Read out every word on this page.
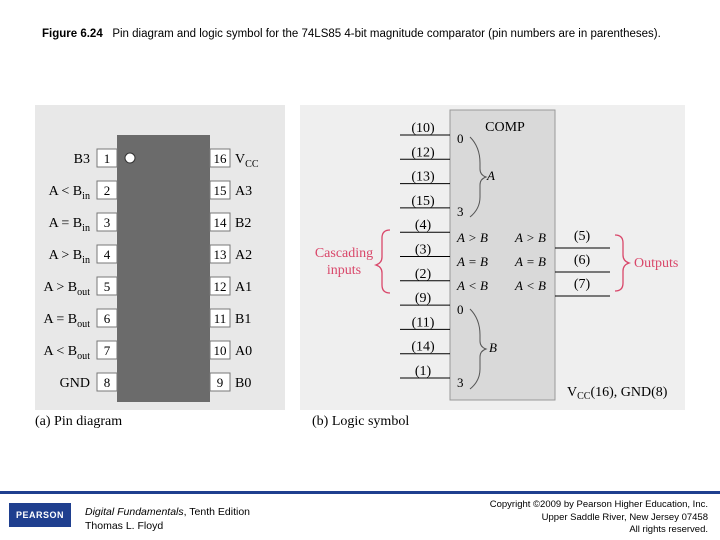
Figure 6.24 Pin diagram and logic symbol for the 74LS85 4-bit magnitude comparator (pin numbers are in parentheses).
1
B3
2
$A < B_{in}$
3
$A = B_{in}$
4
$A > B_{in}$
5
$A > B_{out}$
6
$A = B_{out}$
7
$A < B_{out}$
8
GND
16 $V_{CC}$
15 A3
14 B2
13 A2
12 A1
11 B1
10 A0
9 B0
(a) Pin diagram
COMP
(10)
(12)
(13)
(15)
(4)
(3)
(2)
(9)
(11)
(14)
(1)
0
3
0
3
A
B
A > B
A = B
A < B
A > B
A = B
A < B
(5)
(6)
(7)
Cascading
inputs	Outputs
$V_{CC}(16)$, GND(8)
(b) Logic symbol
PEARSON	Digital Fundamentals, Tenth Edition
Thomas L. Floyd
Copyright ©2009 by Pearson Higher Education, Inc.
Upper Saddle River, New Jersey 07458
All rights reserved.
